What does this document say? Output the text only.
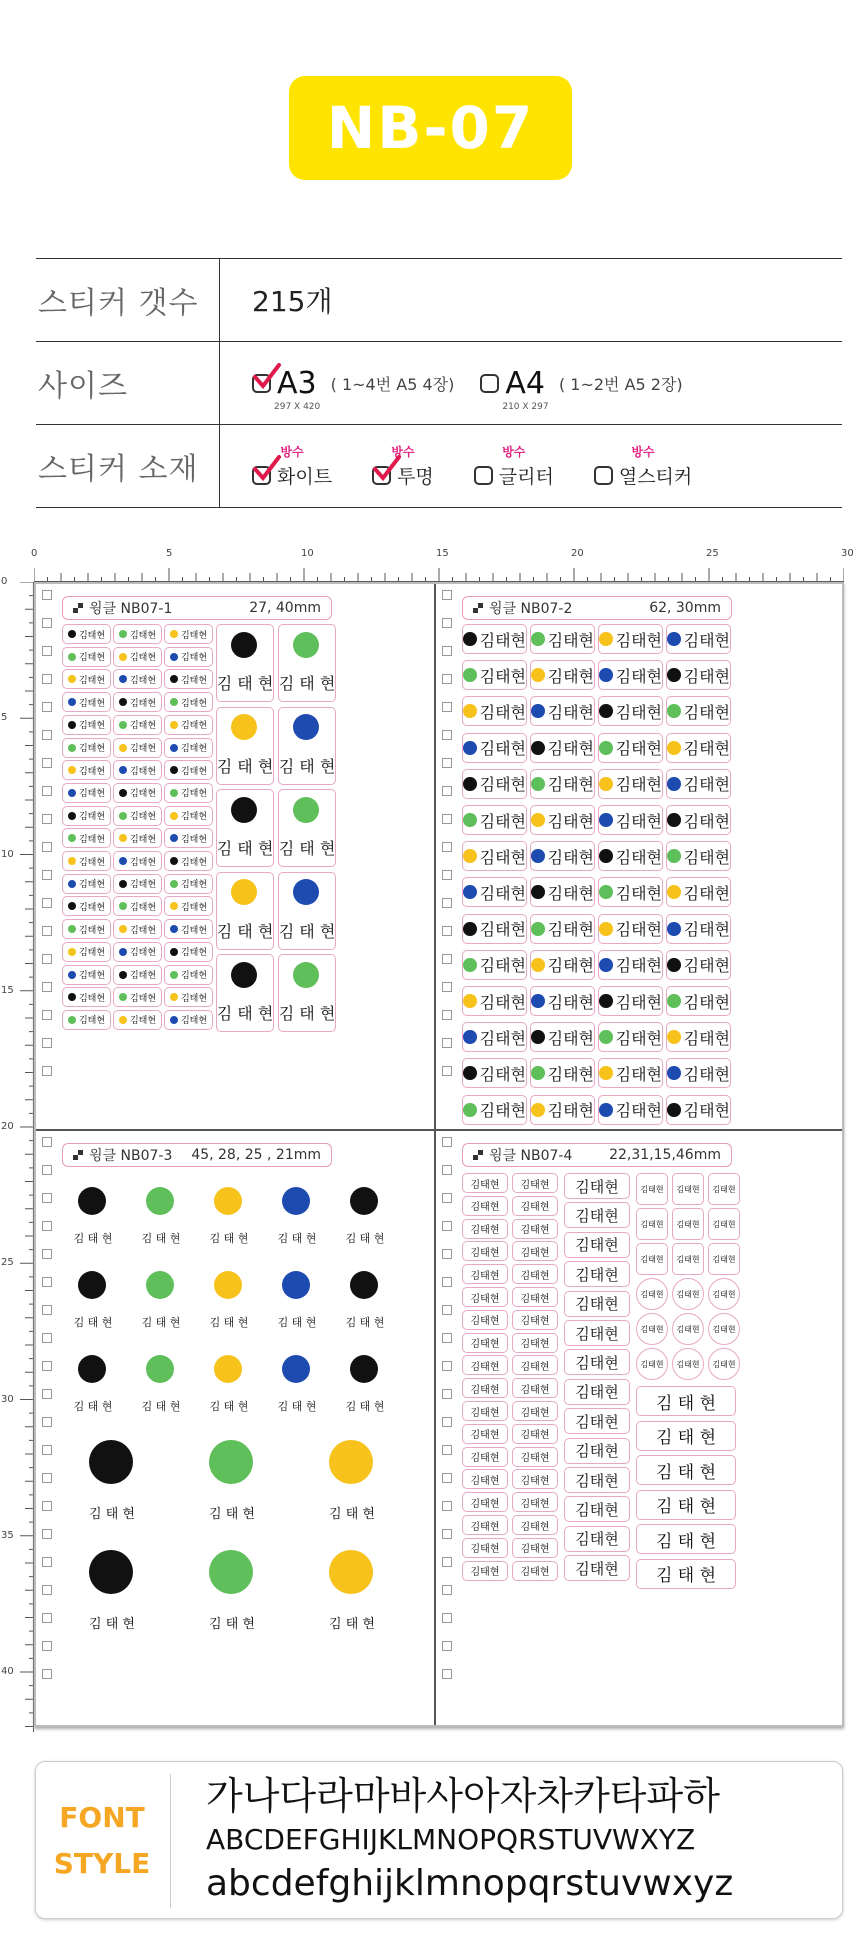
NB-07
스티커 갯수	215개
사이즈	A3
297 X 420
( 1~4번 A5 4장) A4
210 X 297
( 1~2번 A5 2장)
스티커 소재	방수
화이트
방수
투명
방수
글리터
방수
열스티커
0	5	10	15	20	25	30
0
5
10
15
20
25
30
35
40
윙클 NB07-1	27, 40mm
김태현	김태현	김태현
김태현	김태현	김태현
김태현	김태현	김태현
김태현	김태현	김태현
김태현	김태현	김태현
김태현	김태현	김태현
김태현	김태현	김태현
김태현	김태현	김태현
김태현	김태현	김태현
김태현	김태현	김태현
김태현	김태현	김태현
김태현	김태현	김태현
김태현	김태현	김태현
김태현	김태현	김태현
김태현	김태현	김태현
김태현	김태현	김태현
김태현	김태현	김태현
김태현	김태현	김태현
김 태 현 김 태 현
김 태 현 김 태 현
김 태 현 김 태 현
김 태 현 김 태 현
김 태 현 김 태 현
윙클 NB07-2	62, 30mm
김태현 김태현 김태현 김태현
김태현 김태현 김태현 김태현
김태현 김태현 김태현 김태현
김태현 김태현 김태현 김태현
김태현 김태현 김태현 김태현
김태현 김태현 김태현 김태현
김태현 김태현 김태현 김태현
김태현 김태현 김태현 김태현
김태현 김태현 김태현 김태현
김태현 김태현 김태현 김태현
김태현 김태현 김태현 김태현
김태현 김태현 김태현 김태현
김태현 김태현 김태현 김태현
김태현 김태현 김태현 김태현
윙클 NB07-3 45, 28, 25 , 21mm
김 태 현	김 태 현	김 태 현	김 태 현	김 태 현
김 태 현	김 태 현	김 태 현	김 태 현	김 태 현
김 태 현	김 태 현	김 태 현	김 태 현	김 태 현
김 태 현	김 태 현	김 태 현
김 태 현	김 태 현	김 태 현
윙클 NB07-4	22,31,15,46mm
김태현 김태현
김태현 김태현
김태현 김태현
김태현 김태현
김태현 김태현
김태현 김태현
김태현 김태현
김태현 김태현
김태현 김태현
김태현 김태현
김태현 김태현
김태현 김태현
김태현 김태현
김태현 김태현
김태현 김태현
김태현 김태현
김태현 김태현
김태현 김태현
김태현
김태현
김태현
김태현
김태현
김태현
김태현
김태현
김태현
김태현
김태현
김태현
김태현
김태현
김태현 김태현 김태현
김태현 김태현 김태현
김태현 김태현 김태현
김태현 김태현 김태현
김태현 김태현 김태현
김태현 김태현 김태현
김 태 현
김 태 현
김 태 현
김 태 현
김 태 현
김 태 현
FONT
STYLE
가나다라마바사아자차카타파하
ABCDEFGHIJKLMNOPQRSTUVWXYZ
abcdefghijklmnopqrstuvwxyz
